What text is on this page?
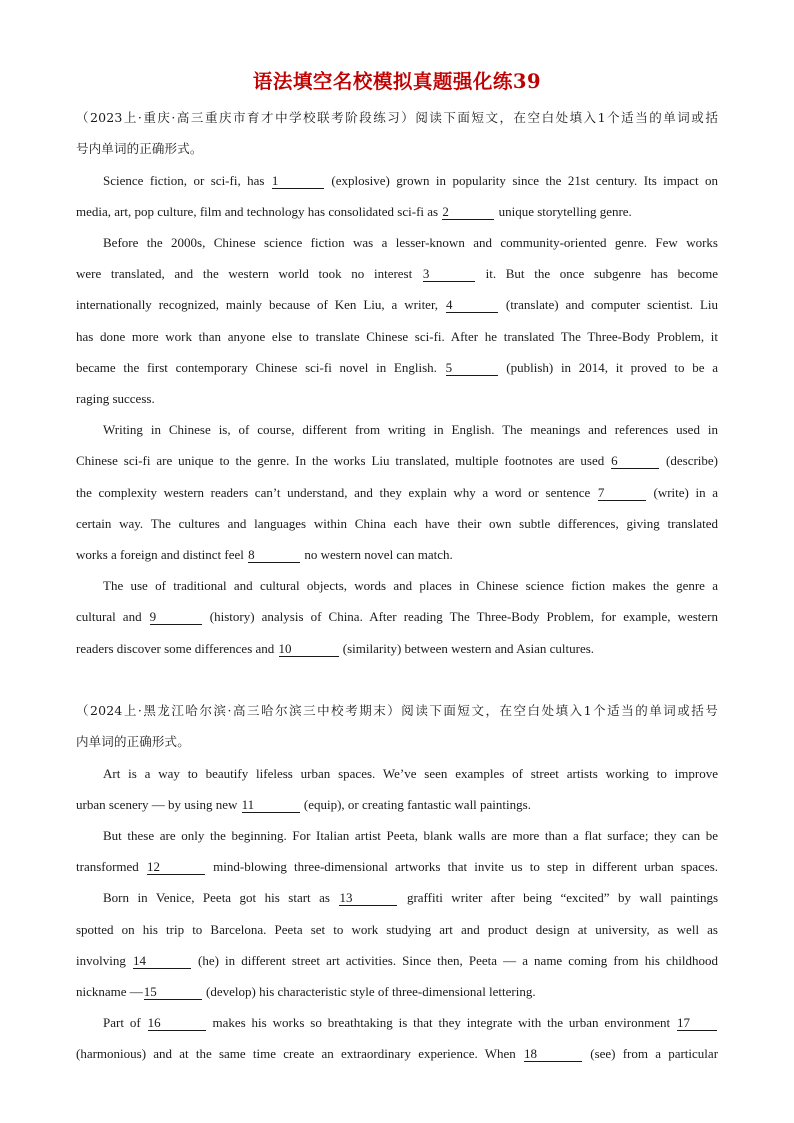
语法填空名校模拟真题强化练39
（2023上·重庆·高三重庆市育才中学校联考阶段练习）阅读下面短文，在空白处填入1个适当的单词或括
号内单词的正确形式。
Science fiction, or sci-fi, has 1	(explosive) grown in popularity since the 21st century. Its impact on
media, art, pop culture, film and technology has consolidated sci-fi as 2	unique storytelling genre.
Before the 2000s, Chinese science fiction was a lesser-known and community-oriented genre. Few works
were translated, and the western world took no interest 3	it. But the once subgenre has become
internationally recognized, mainly because of Ken Liu, a writer, 4	(translate) and computer scientist. Liu
has done more work than anyone else to translate Chinese sci-fi. After he translated The Three-Body Problem, it
became the first contemporary Chinese sci-fi novel in English. 5	(publish) in 2014, it proved to be a
raging success.
Writing in Chinese is, of course, different from writing in English. The meanings and references used in
Chinese sci-fi are unique to the genre. In the works Liu translated, multiple footnotes are used 6	(describe)
the complexity western readers can’t understand, and they explain why a word or sentence 7	(write) in a
certain way. The cultures and languages within China each have their own subtle differences, giving translated
works a foreign and distinct feel 8	no western novel can match.
The use of traditional and cultural objects, words and places in Chinese science fiction makes the genre a
cultural and 9	(history) analysis of China. After reading The Three-Body Problem, for example, western
readers discover some differences and 10	(similarity) between western and Asian cultures.
（2024上·黑龙江哈尔滨·高三哈尔滨三中校考期末）阅读下面短文，在空白处填入1个适当的单词或括号
内单词的正确形式。
Art is a way to beautify lifeless urban spaces. We’ve seen examples of street artists working to improve
urban scenery — by using new 11	(equip), or creating fantastic wall paintings.
But these are only the beginning. For Italian artist Peeta, blank walls are more than a flat surface; they can be
transformed 12	mind-blowing three-dimensional artworks that invite us to step in different urban spaces.
Born in Venice, Peeta got his start as 13	graffiti writer after being “excited” by wall paintings
spotted on his trip to Barcelona. Peeta set to work studying art and product design at university, as well as
involving 14	(he) in different street art activities. Since then, Peeta — a name coming from his childhood
nickname —15	(develop) his characteristic style of three-dimensional lettering.
Part of 16	makes his works so breathtaking is that they integrate with the urban environment 17
(harmonious) and at the same time create an extraordinary experience. When 18	(see) from a particular
